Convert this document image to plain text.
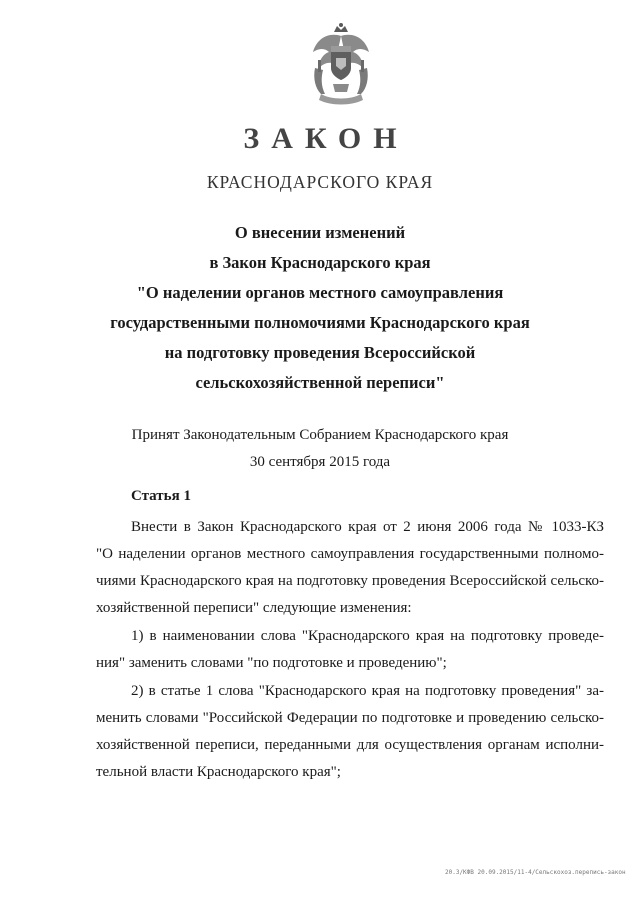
ЗАКОН
КРАСНОДАРСКОГО КРАЯ
О внесении изменений
в Закон Краснодарского края
"О наделении органов местного самоуправления
государственными полномочиями Краснодарского края
на подготовку проведения Всероссийской
сельскохозяйственной переписи"
Принят Законодательным Собранием Краснодарского края
30 сентября 2015 года
Статья 1
Внести в Закон Краснодарского края от 2 июня 2006 года № 1033-КЗ
"О наделении органов местного самоуправления государственными полномо-
чиями Краснодарского края на подготовку проведения Всероссийской сельско-
хозяйственной переписи" следующие изменения:
1) в наименовании слова "Краснодарского края на подготовку проведе-
ния" заменить словами "по подготовке и проведению";
2) в статье 1 слова "Краснодарского края на подготовку проведения" за-
менить словами "Российской Федерации по подготовке и проведению сельско-
хозяйственной переписи, переданными для осуществления органам исполни-
тельной власти Краснодарского края";
20.3/КФВ 20.09.2015/11-4/Сельскохоз.перепись-закон
